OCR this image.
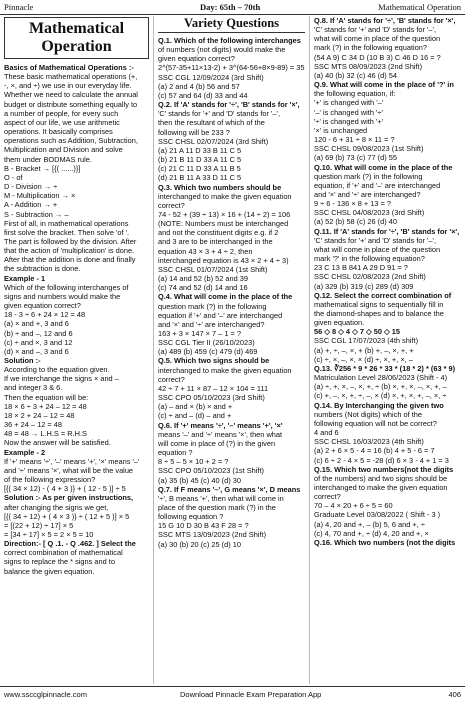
Pinnacle	Day: 65th – 70th	Mathematical Operation
Mathematical Operation
Basics of Mathematical Operations :-
These basic mathematical operations (+,
-, ×, and ÷) we use in our everyday life.
Whether we need to calculate the annual
budget or distribute something equally to
a number of people, for every such
aspect of our life, we use arithmetic
operations. It basically comprises
operations such as Addition, Subtraction,
Multiplication and Division and solve
them under BODMAS rule.
B - Bracket → [{( ......)}]
O - of
D - Division → ÷
M - Multiplication → ×
A - Addition → +
S - Subtraction → –
First of all, in mathematical operations
first solve the bracket. Then solve 'of '.
The part is followed by the division. After
that the action of 'multiplication' is done.
After that the addition is done and finally
the subtraction is done.
Example - 1
Which of the following interchanges of
signs and numbers would make the
given equation correct?
18 - 3 ÷ 6 + 24 × 12 = 48
(a) × and +, 3 and 6
(b) ÷ and –, 12 and 6
(c) ÷ and ×, 3 and 12
(d) × and –, 3 and 6
Solution :-
According to the equation given.
If we interchange the signs × and –
and integer 3 & 6.
Then the equation will be:
18 × 6 ÷ 3 + 24 – 12 = 48
18 × 2 + 24 – 12 = 48
36 + 24 – 12 = 48
48 = 48 → L.H.S = R.H.S
Now the answer will be satisfied.
Example - 2
If '+' means '÷', '–' means '+', '×' means '–'
and '÷' means '×', what will be the value
of the following expression?
[{( 34 × 12) - ( 4 + 3 )} + ( 12 - 5 )] ÷ 5
Solution :- As per given instructions,
after changing the signs we get,
[{( 34 ÷ 12) + ( 4 × 3 )} ÷ ( 12 + 5 )] × 5
= [(22 + 12) ÷ 17] × 5
= [34 ÷ 17] × 5 = 2 × 5 = 10
Direction:- [ Q .1. - Q .462. ] Select the
correct combination of mathematical
signs to replace the * signs and to
balance the given equation.
Variety Questions
Q.1. Which of the following interchanges
of numbers (not digits) would make the
given equation correct?
2^(57-35+11×13-2) + 3^(64-56+8×9-89) = 35
SSC CGL 12/09/2024 (3rd Shift)
(a) 2 and 4 (b) 56 and 57
(c) 57 and 64 (d) 33 and 44
Q.2. If 'A' stands for '÷', 'B' stands for '×',
'C' stands for '+' and 'D' stands for '–',
then the resultant of which of the
following will be 233 ?
SSC CHSL 02/07/2024 (3rd Shift)
(a) 21 A 11 D 33 B 11 C 5
(b) 21 B 11 D 33 A 11 C 5
(c) 21 C 11 D 33 A 11 B 5
(d) 21 B 11 A 33 D 11 C 5
Q.3. Which two numbers should be
interchanged to make the given equation
correct?
74 - 52 + (39 ÷ 13) × 16 + (14 ÷ 2) = 106
(NOTE: Numbers must be interchanged
and not the constituent digits e.g. if 2
and 3 are to be interchanged in the
equation 43 × 3 + 4 ÷ 2, then
interchanged equation is 43 × 2 + 4 ÷ 3)
SSC CHSL 01/07/2024 (1st Shift)
(a) 14 and 52 (b) 52 and 39
(c) 74 and 52 (d) 14 and 16
Q.4. What will come in the place of the
question mark (?) in the following
equation if '+' and '–' are interchanged
and '×' and '÷' are interchanged?
163 + 3 × 147 × 7 – 1 = ?
SSC CGL Tier II (26/10/2023)
(a) 489 (b) 459 (c) 479 (d) 469
Q.5. Which two signs should be
interchanged to make the given equation
correct?
42 ÷ 7 + 11 × 87 – 12 × 104 = 111
SSC CPO 05/10/2023 (3rd Shift)
(a) – and × (b) × and +
(c) ÷ and – (d) – and +
Q.6. If '+' means '÷', '–' means '+', '×'
means '–' and '÷' means '×', then what
will come in place of (?) in the given
equation ?
8 ÷ 5 – 5 × 10 + 2 = ?
SSC CPO 05/10/2023 (1st Shift)
(a) 35 (b) 45 (c) 40 (d) 30
Q.7. If F means '–', G means '×', D means
'÷', B means '+', then what will come in
place of the question mark (?) in the
following equation ?
15 G 10 D 30 B 43 F 28 = ?
SSC MTS 13/09/2023 (2nd Shift)
(a) 30 (b) 20 (c) 25 (d) 10
Q.8. If 'A' stands for '÷', 'B' stands for '×',
'C' stands for '+' and 'D' stands for '–',
what will come in place of the question
mark (?) in the following equation?
(54 A 9) C 34 D (10 B 3) C 46 D 16 = ?
SSC MTS 08/09/2023 (2nd Shift)
(a) 40 (b) 32 (c) 46 (d) 54
Q.9. What will come in the place of '?' in
the following equation, if:
'+' is changed with '–'
'–' is changed with '÷'
'÷' is changed with '+'
'×' is unchanged
120 - 6 + 31 ÷ 8 × 11 = ?
SSC CHSL 09/08/2023 (1st Shift)
(a) 69 (b) 73 (c) 77 (d) 55
Q.10. What will come in the place of the
question mark (?) in the following
equation, if '+' and '–' are interchanged
and '×' and '÷' are interchanged?
9 ÷ 6 - 136 × 8 + 13 = ?
SSC CHSL 04/08/2023 (3rd Shift)
(a) 52 (b) 58 (c) 26 (d) 40
Q.11. If 'A' stands for '÷', 'B' stands for '×',
'C' stands for '+' and 'D' stands for '–',
what will come in place of the question
mark '?' in the following equation?
23 C 13 B 841 A 29 D 91 = ?
SSC CHSL 02/08/2023 (2nd Shift)
(a) 329 (b) 319 (c) 289 (d) 309
Q.12. Select the correct combination of
mathematical signs to sequentially fill in
the diamond-shapes and to balance the
given equation.
56 ◇ 8 ◇ 4 ◇ 7 ◇ 50 ◇ 15
SSC CGL 17/07/2023 (4th shift)
(a) +, ÷, –, ×, + (b) +, –, ×, +, +
(c) ÷, ×, –, ×, × (d) ÷, ×, +, ×, –
Q.13. ∛256 * 9 * 26 * 33 * (18 * 2) * (63 * 9)
Matriculation Level 28/06/2023 (Shift - 4)
(a) ÷, +, ×, –, ×, +, ÷ (b) ×, +, ×, –, ×, +, –
(c) +, –, ×, +, ÷, –, × (d) ×, +, ×, +, –, ×, ÷
Q.14. By Interchanging the given two
numbers (Not digits) which of the
following equation will not be correct?
4 and 6
SSC CHSL 16/03/2023 (4th Shift)
(a) 2 + 6 × 5 - 4 = 16 (b) 4 + 5 - 6 = 7
(c) 6 ÷ 2 - 4 × 5 = -28 (d) 6 × 3 - 4 + 1 = 3
Q.15. Which two numbers(not the digits
of the numbers) and two signs should be
interchanged to make the given equation
correct?
70 – 4 × 20 + 6 ÷ 5 = 60
Graduate Level 03/08/2022 ( Shift - 3 )
(a) 4, 20 and +, – (b) 5, 6 and +, ÷
(c) 4, 70 and +, ÷ (d) 4, 20 and +, ×
Q.16. Which two numbers (not the digits
www.ssccglpinnacle.com	Download Pinnacle Exam Preparation App	406
